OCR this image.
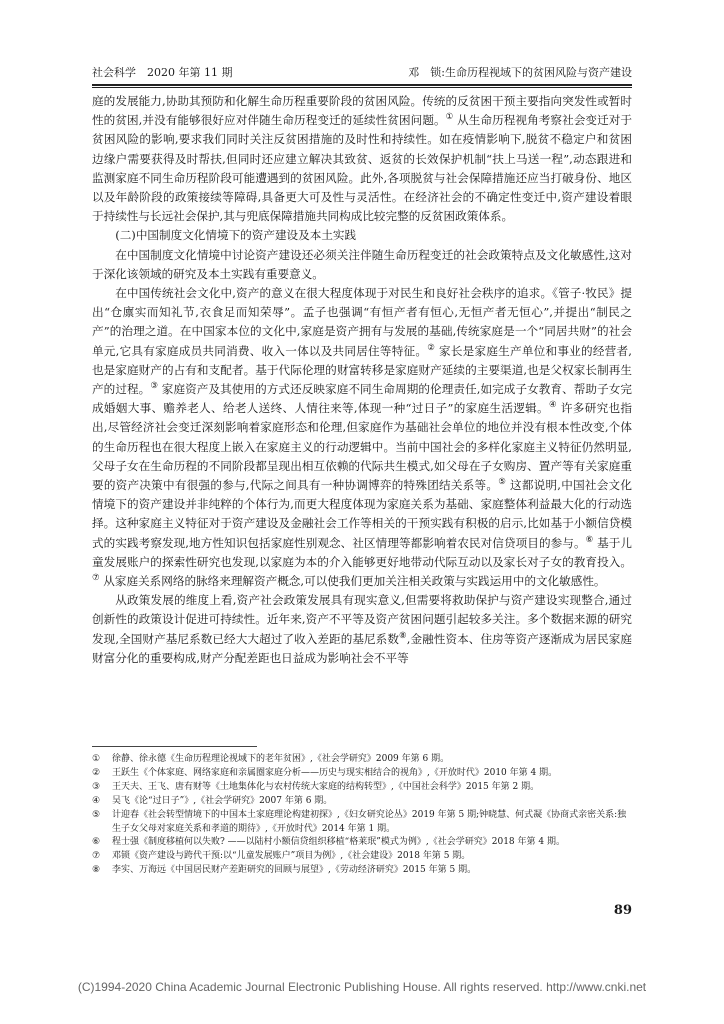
社会科学　2020 年第 11 期	邓　锁:生命历程视域下的贫困风险与资产建设

庭的发展能力,协助其预防和化解生命历程重要阶段的贫困风险。传统的反贫困干预主要指向突发性或暂时性的贫困,并没有能够很好应对伴随生命历程变迁的延续性贫困问题。① 从生命历程视角考察社会变迁对于贫困风险的影响,要求我们同时关注反贫困措施的及时性和持续性。如在疫情影响下,脱贫不稳定户和贫困边缘户需要获得及时帮扶,但同时还应建立解决其致贫、返贫的长效保护机制“扶上马送一程”,动态跟进和监测家庭不同生命历程阶段可能遭遇到的贫困风险。此外,各项脱贫与社会保障措施还应当打破身份、地区以及年龄阶段的政策接续等障碍,具备更大可及性与灵活性。在经济社会的不确定性变迁中,资产建设着眼于持续性与长远社会保护,其与兜底保障措施共同构成比较完整的反贫困政策体系。

(二)中国制度文化情境下的资产建设及本土实践

在中国制度文化情境中讨论资产建设还必须关注伴随生命历程变迁的社会政策特点及文化敏感性,这对于深化该领域的研究及本土实践有重要意义。

在中国传统社会文化中,资产的意义在很大程度体现于对民生和良好社会秩序的追求。《管子·牧民》提出“仓廪实而知礼节,衣食足而知荣辱”。孟子也强调“有恒产者有恒心,无恒产者无恒心”,并提出“制民之产”的治理之道。在中国家本位的文化中,家庭是资产拥有与发展的基础,传统家庭是一个“同居共财”的社会单元,它具有家庭成员共同消费、收入一体以及共同居住等特征。② 家长是家庭生产单位和事业的经营者,也是家庭财产的占有和支配者。基于代际伦理的财富转移是家庭财产延续的主要渠道,也是父权家长制再生产的过程。③ 家庭资产及其使用的方式还反映家庭不同生命周期的伦理责任,如完成子女教育、帮助子女完成婚姻大事、赡养老人、给老人送终、人情往来等,体现一种“过日子”的家庭生活逻辑。④ 许多研究也指出,尽管经济社会变迁深刻影响着家庭形态和伦理,但家庭作为基础社会单位的地位并没有根本性改变,个体的生命历程也在很大程度上嵌入在家庭主义的行动逻辑中。当前中国社会的多样化家庭主义特征仍然明显,父母子女在生命历程的不同阶段都呈现出相互依赖的代际共生模式,如父母在子女购房、置产等有关家庭重要的资产决策中有很强的参与,代际之间具有一种协调博弈的特殊团结关系等。⑤ 这都说明,中国社会文化情境下的资产建设并非纯粹的个体行为,而更大程度体现为家庭关系为基础、家庭整体利益最大化的行动选择。这种家庭主义特征对于资产建设及金融社会工作等相关的干预实践有积极的启示,比如基于小额信贷模式的实践考察发现,地方性知识包括家庭性别观念、社区情理等都影响着农民对信贷项目的参与。⑥ 基于儿童发展账户的探索性研究也发现,以家庭为本的介入能够更好地带动代际互动以及家长对子女的教育投入。⑦ 从家庭关系网络的脉络来理解资产概念,可以使我们更加关注相关政策与实践运用中的文化敏感性。

从政策发展的维度上看,资产社会政策发展具有现实意义,但需要将救助保护与资产建设实现整合,通过创新性的政策设计促进可持续性。近年来,资产不平等及资产贫困问题引起较多关注。多个数据来源的研究发现,全国财产基尼系数已经大大超过了收入差距的基尼系数⑧,金融性资本、住房等资产逐渐成为居民家庭财富分化的重要构成,财产分配差距也日益成为影响社会不平等

① 徐静、徐永德《生命历程理论视域下的老年贫困》,《社会学研究》2009 年第 6 期。
② 王跃生《个体家庭、网络家庭和亲属圈家庭分析——历史与现实相结合的视角》,《开放时代》2010 年第 4 期。
③ 王天夫、王飞、唐有财等《土地集体化与农村传统大家庭的结构转型》,《中国社会科学》2015 年第 2 期。
④ 吴飞《论“过日子”》,《社会学研究》2007 年第 6 期。
⑤ 计迎春《社会转型情境下的中国本土家庭理论构建初探》,《妇女研究论丛》2019 年第 5 期;钟晓慧、何式凝《协商式亲密关系:独生子女父母对家庭关系和孝道的期待》,《开放时代》2014 年第 1 期。
⑥ 程士强《制度移植何以失败? ——以陆村小额信贷组织移植“格莱珉”模式为例》,《社会学研究》2018 年第 4 期。
⑦ 邓锁《资产建设与跨代干预:以“儿童发展账户”项目为例》,《社会建设》2018 年第 5 期。
⑧ 李实、万海远《中国居民财产差距研究的回顾与展望》,《劳动经济研究》2015 年第 5 期。
89
(C)1994-2020 China Academic Journal Electronic Publishing House. All rights reserved. http://www.cnki.net
